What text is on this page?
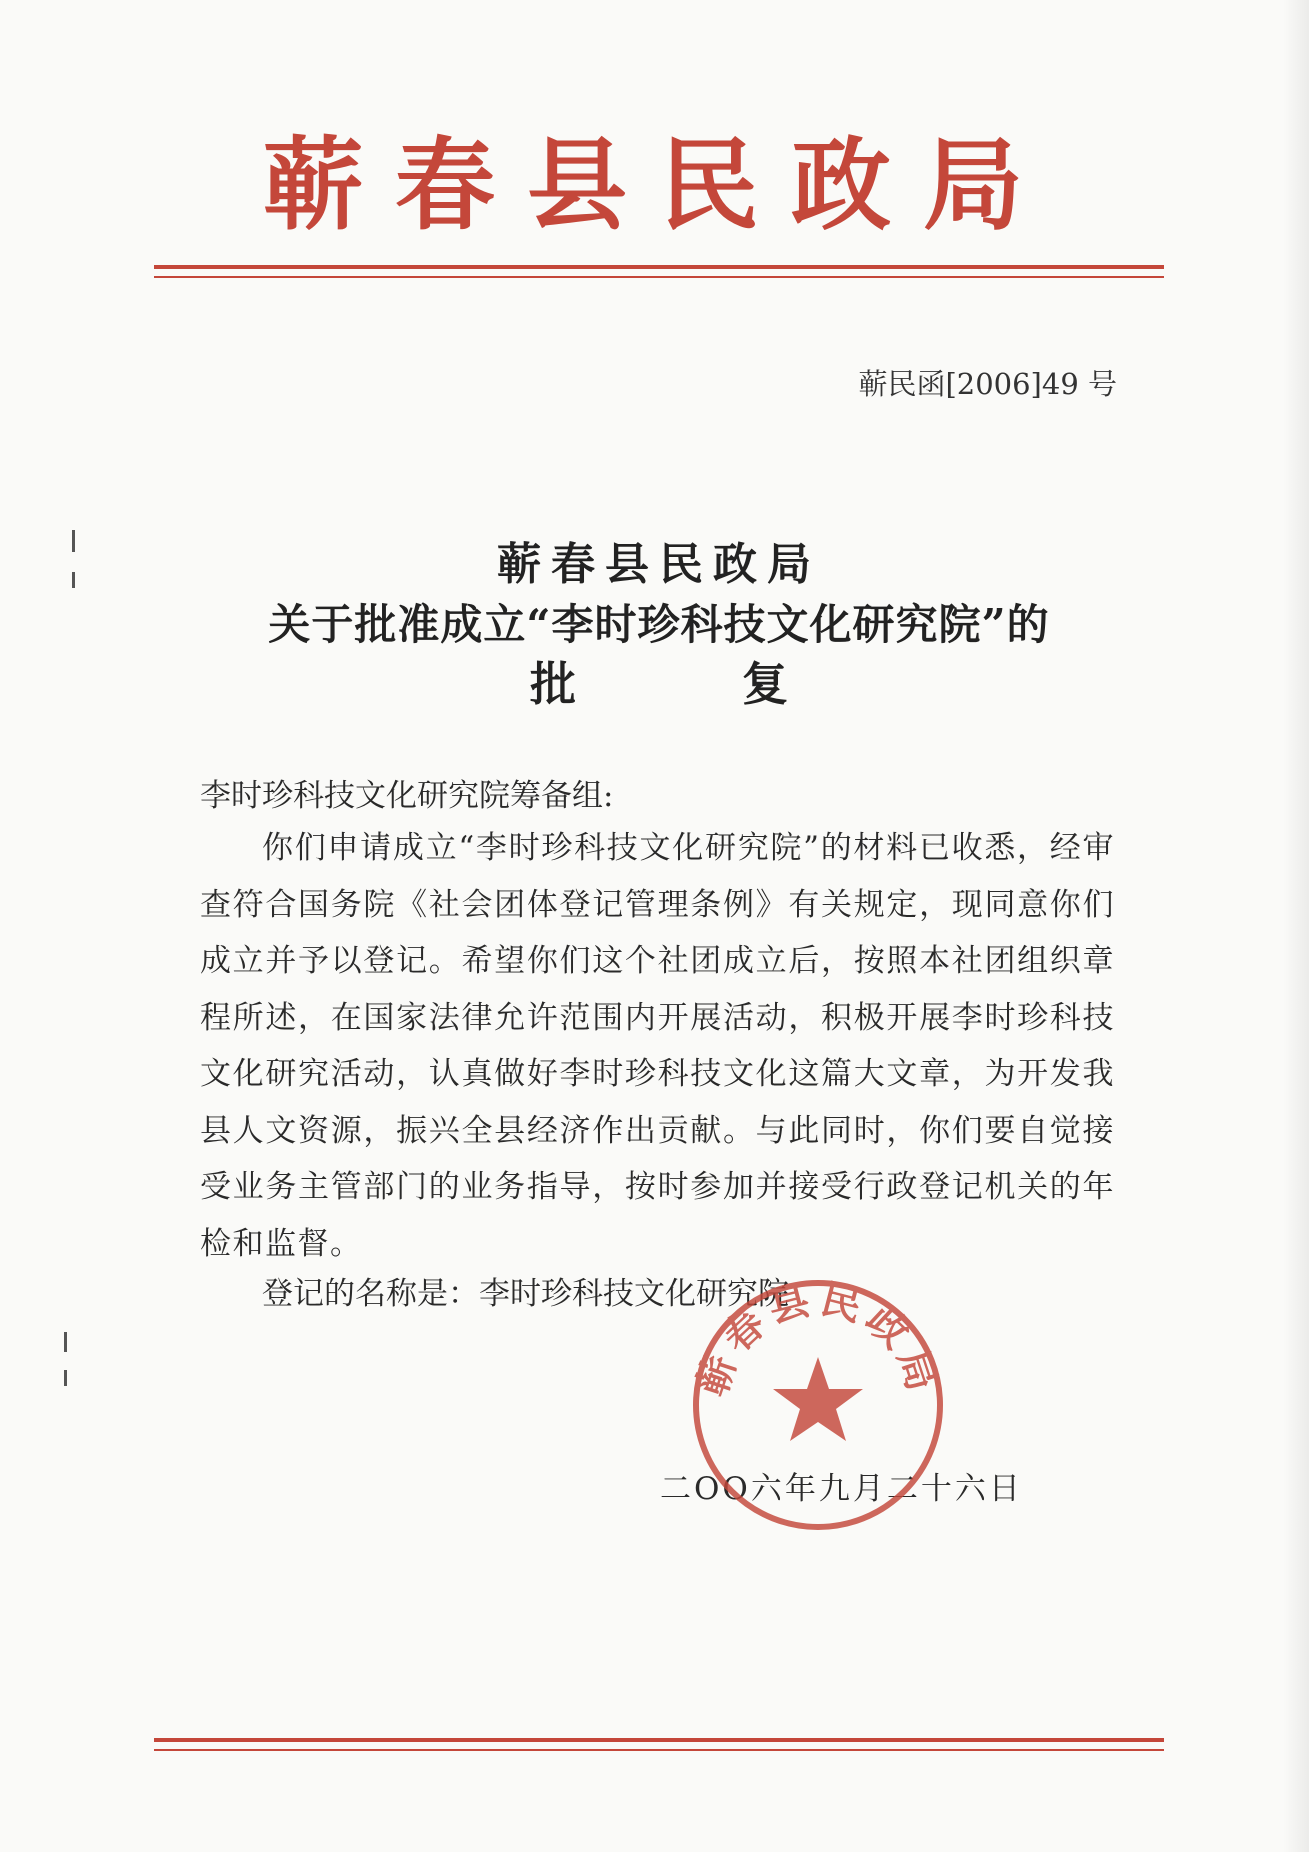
蕲春县民政局
蕲民函[2006]49 号
蕲春县民政局
关于批准成立“李时珍科技文化研究院”的
批 复
李时珍科技文化研究院筹备组:

你们申请成立“李时珍科技文化研究院”的材料已收悉，经审查符合国务院《社会团体登记管理条例》有关规定，现同意你们成立并予以登记。希望你们这个社团成立后，按照本社团组织章程所述，在国家法律允许范围内开展活动，积极开展李时珍科技文化研究活动，认真做好李时珍科技文化这篇大文章，为开发我县人文资源，振兴全县经济作出贡献。与此同时，你们要自觉接受业务主管部门的业务指导，按时参加并接受行政登记机关的年检和监督。

登记的名称是：李时珍科技文化研究院
二OO六年九月二十六日
蕲春县民政局
